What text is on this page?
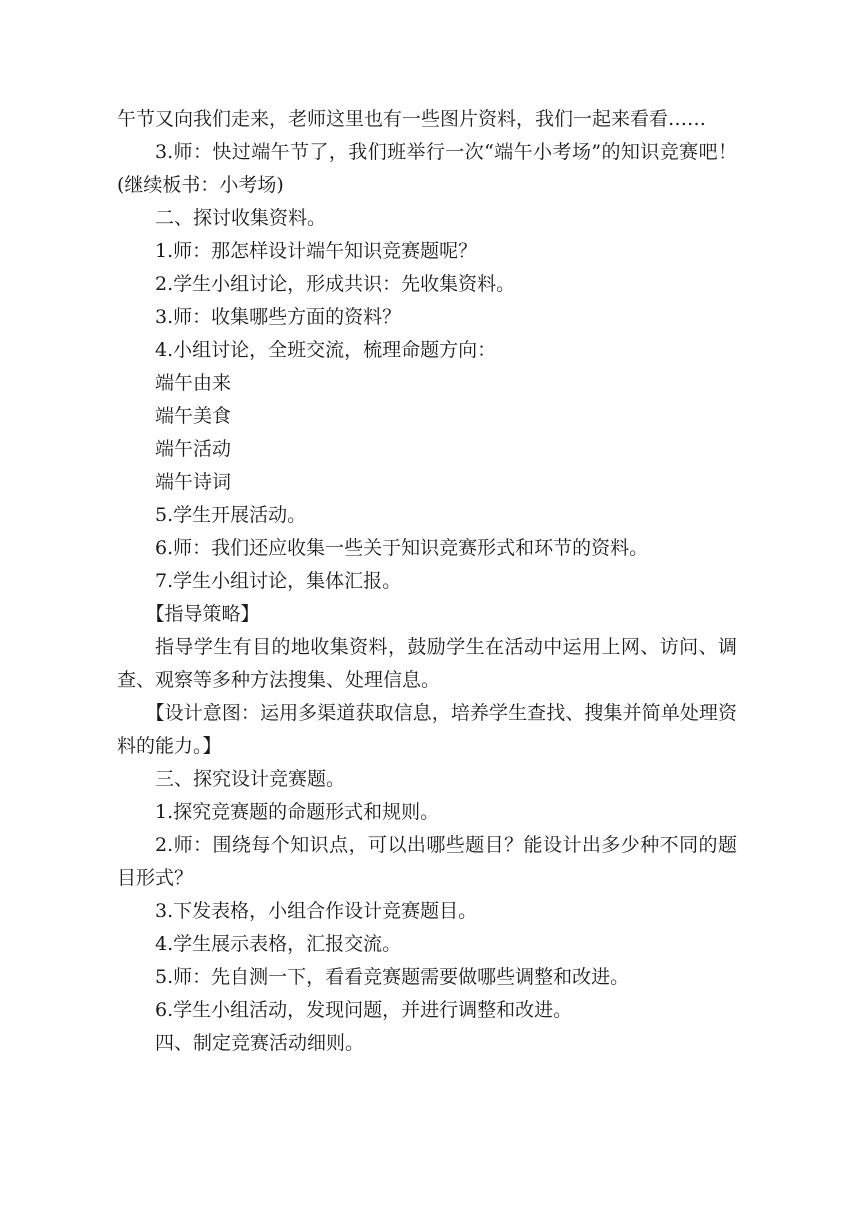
午节又向我们走来，老师这里也有一些图片资料，我们一起来看看……

3.师：快过端午节了，我们班举行一次“端午小考场”的知识竞赛吧！(继续板书：小考场)

二、探讨收集资料。

1.师：那怎样设计端午知识竞赛题呢？

2.学生小组讨论，形成共识：先收集资料。

3.师：收集哪些方面的资料？

4.小组讨论，全班交流，梳理命题方向：

端午由来

端午美食

端午活动

端午诗词

5.学生开展活动。

6.师：我们还应收集一些关于知识竞赛形式和环节的资料。

7.学生小组讨论，集体汇报。

【指导策略】

指导学生有目的地收集资料，鼓励学生在活动中运用上网、访问、调查、观察等多种方法搜集、处理信息。

【设计意图：运用多渠道获取信息，培养学生查找、搜集并简单处理资料的能力。】

三、探究设计竞赛题。

1.探究竞赛题的命题形式和规则。

2.师：围绕每个知识点，可以出哪些题目？能设计出多少种不同的题目形式？

3.下发表格，小组合作设计竞赛题目。

4.学生展示表格，汇报交流。

5.师：先自测一下，看看竞赛题需要做哪些调整和改进。

6.学生小组活动，发现问题，并进行调整和改进。

四、制定竞赛活动细则。
